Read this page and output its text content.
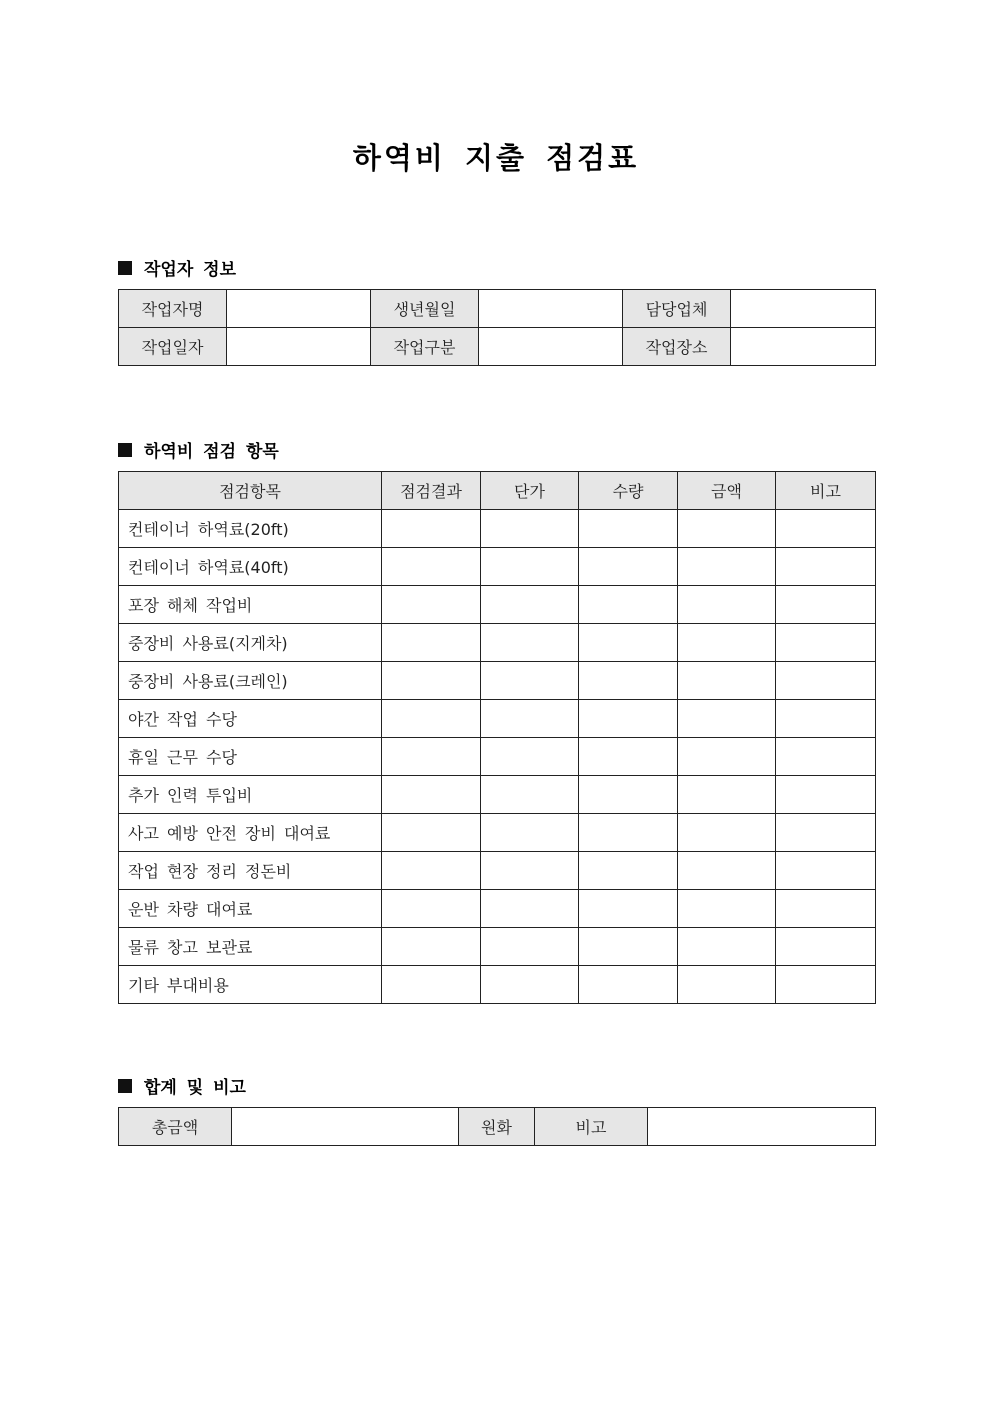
하역비 지출 점검표
작업자 정보
작업자명		생년월일		담당업체	
작업일자		작업구분		작업장소	
하역비 점검 항목
점검항목	점검결과	단가	수량	금액	비고
컨테이너 하역료(20ft)					
컨테이너 하역료(40ft)					
포장 해체 작업비					
중장비 사용료(지게차)					
중장비 사용료(크레인)					
야간 작업 수당					
휴일 근무 수당					
추가 인력 투입비					
사고 예방 안전 장비 대여료					
작업 현장 정리 정돈비					
운반 차량 대여료					
물류 창고 보관료					
기타 부대비용					
합계 및 비고
총금액		원화	비고	
